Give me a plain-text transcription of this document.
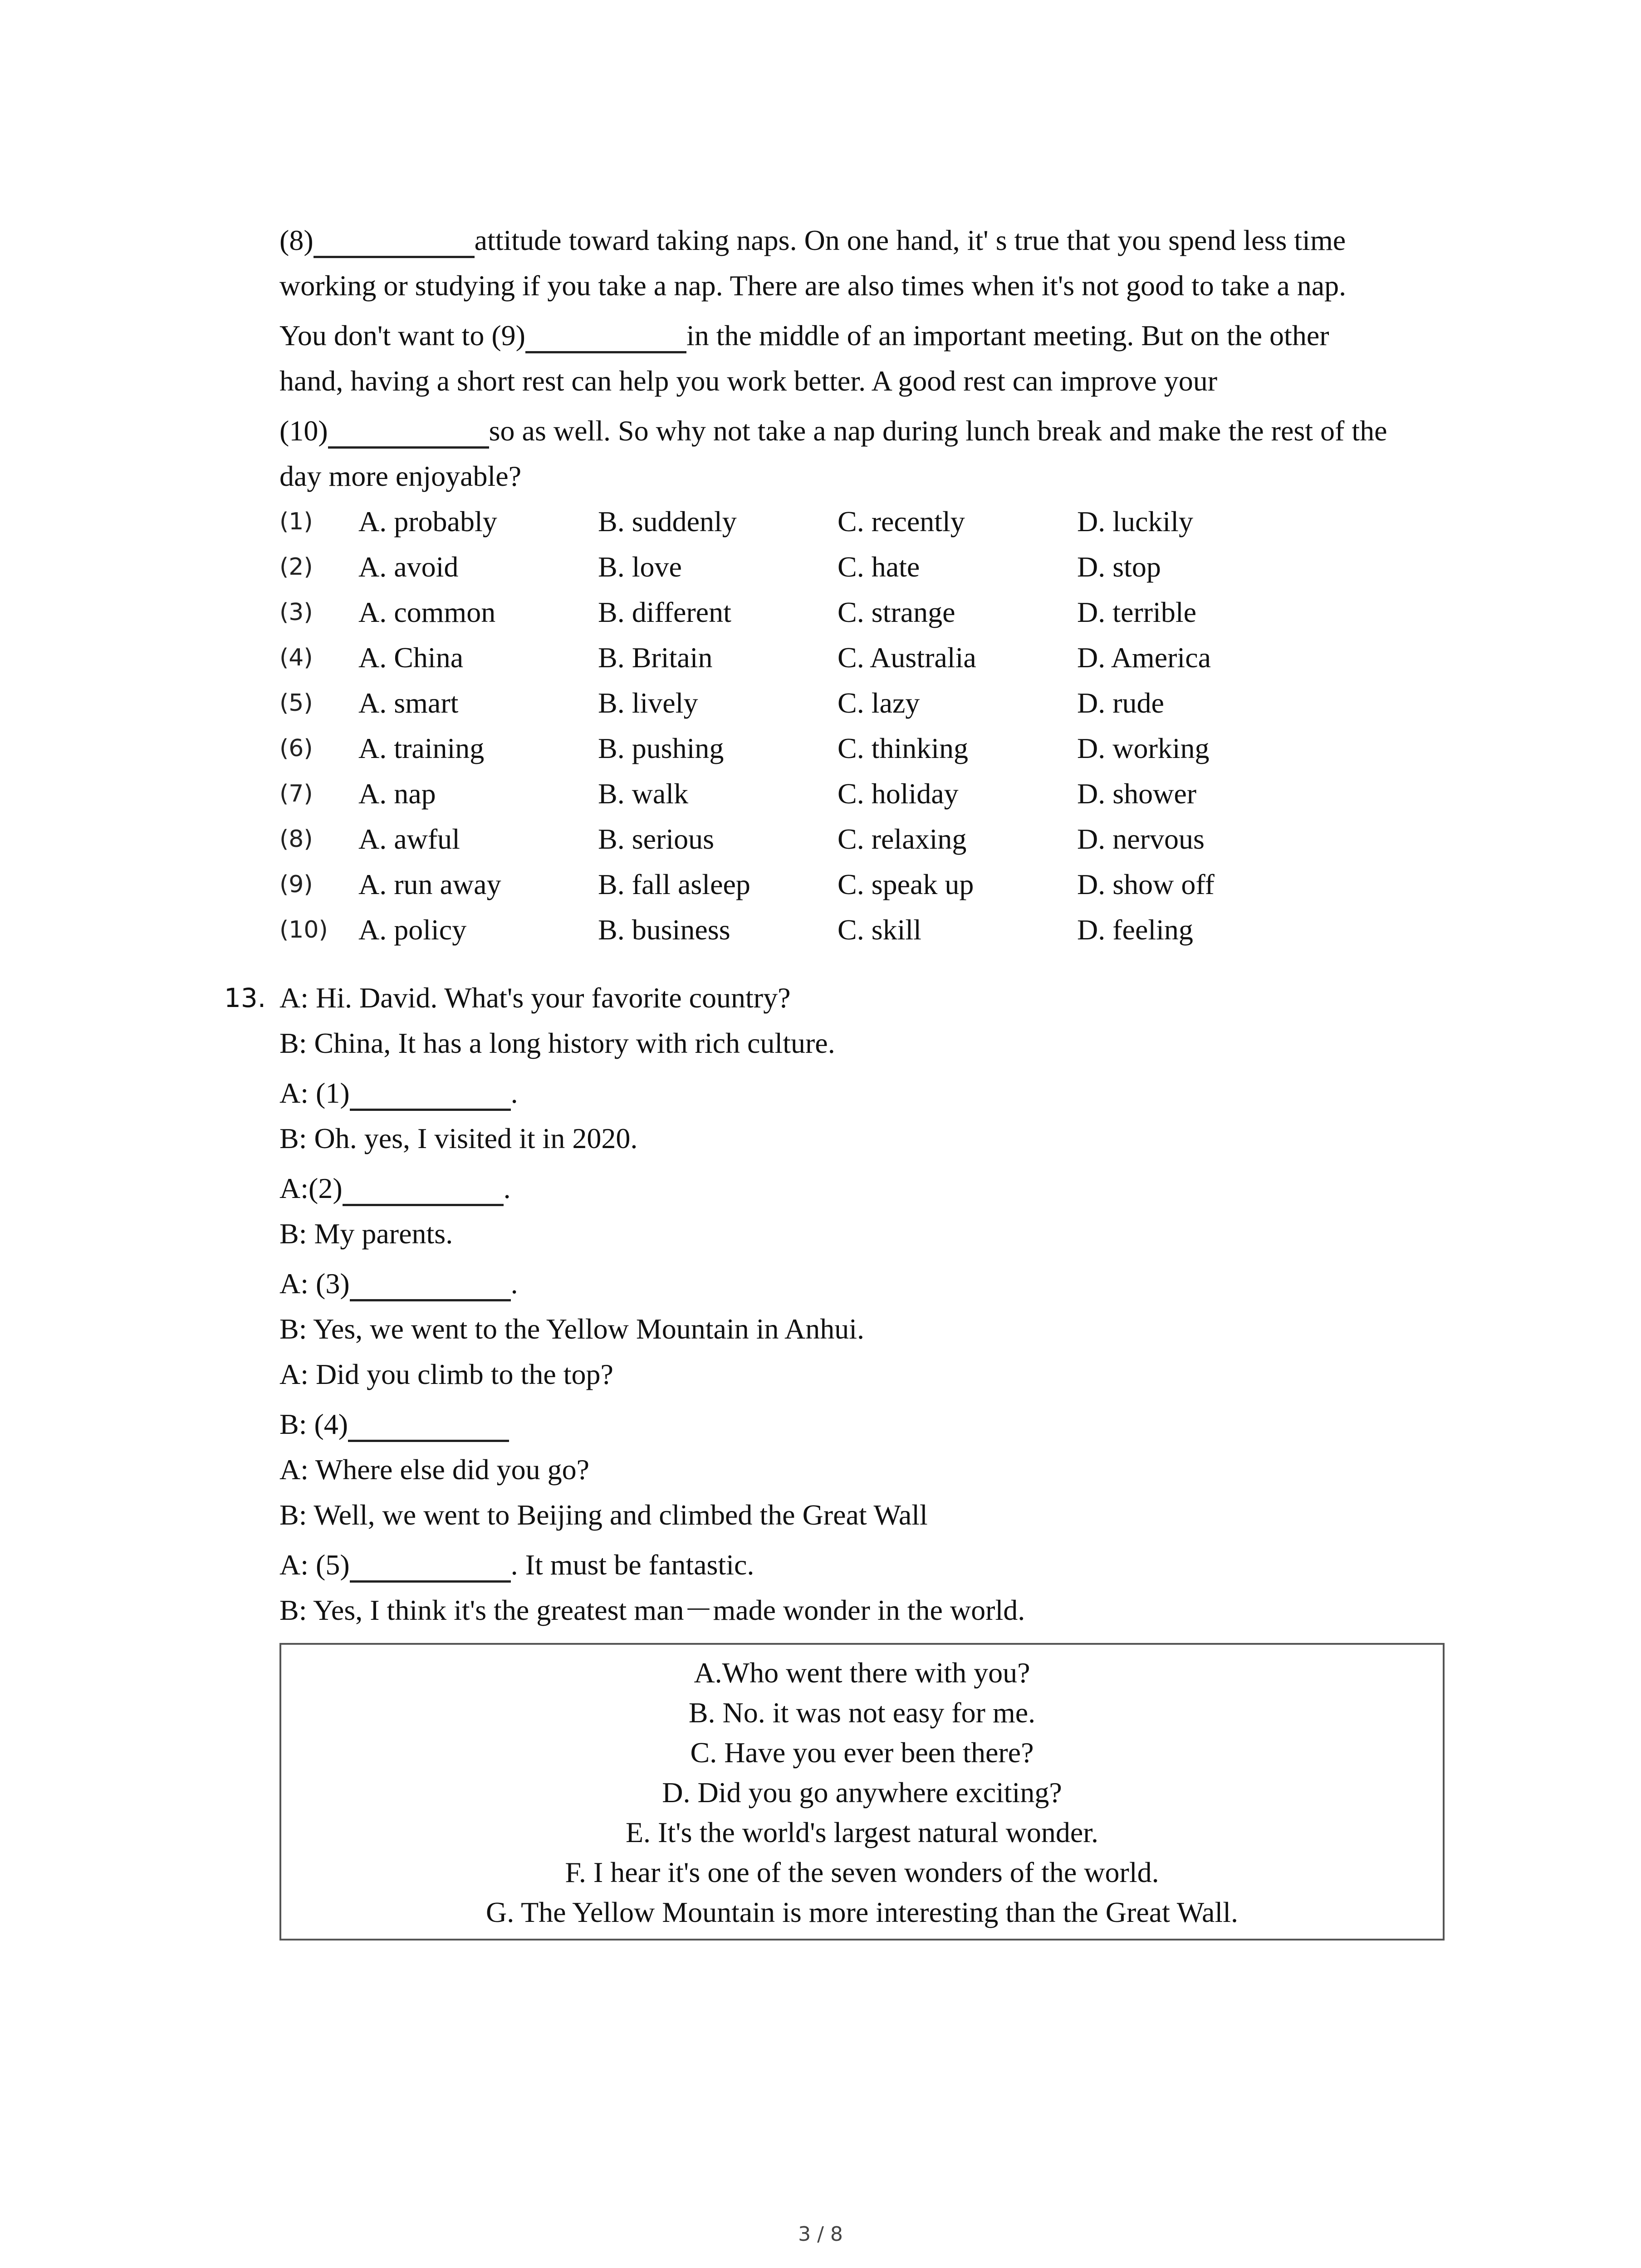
(8)	attitude toward taking naps. On one hand, it' s true that you spend less time
working or studying if you take a nap. There are also times when it's not good to take a nap.
You don't want to (9)	in the middle of an important meeting. But on the other
hand, having a short rest can help you work better. A good rest can improve your
(10)	so as well. So why not take a nap during lunch break and make the rest of the
day more enjoyable?
(1) A. probably	B. suddenly	C. recently	D. luckily
(2) A. avoid	B. love	C. hate	D. stop
(3) A. common	B. different	C. strange	D. terrible
(4) A. China	B. Britain	C. Australia	D. America
(5) A. smart	B. lively	C. lazy	D. rude
(6) A. training	B. pushing	C. thinking	D. working
(7) A. nap	B. walk	C. holiday	D. shower
(8) A. awful	B. serious	C. relaxing	D. nervous
(9) A. run away	B. fall asleep	C. speak up	D. show off
(10) A. policy	B. business	C. skill	D. feeling
13. A: Hi. David. What's your favorite country?
B: China, It has a long history with rich culture.
A: (1)	.
B: Oh. yes, I visited it in 2020.
A:(2)	.
B: My parents.
A: (3)	.
B: Yes, we went to the Yellow Mountain in Anhui.
A: Did you climb to the top?
B: (4)
A: Where else did you go?
B: Well, we went to Beijing and climbed the Great Wall
A: (5)	. It must be fantastic.
B: Yes, I think it's the greatest man－made wonder in the world.
A.Who went there with you?
B. No. it was not easy for me.
C. Have you ever been there?
D. Did you go anywhere exciting?
E. It's the world's largest natural wonder.
F. I hear it's one of the seven wonders of the world.
G. The Yellow Mountain is more interesting than the Great Wall.
3 / 8
